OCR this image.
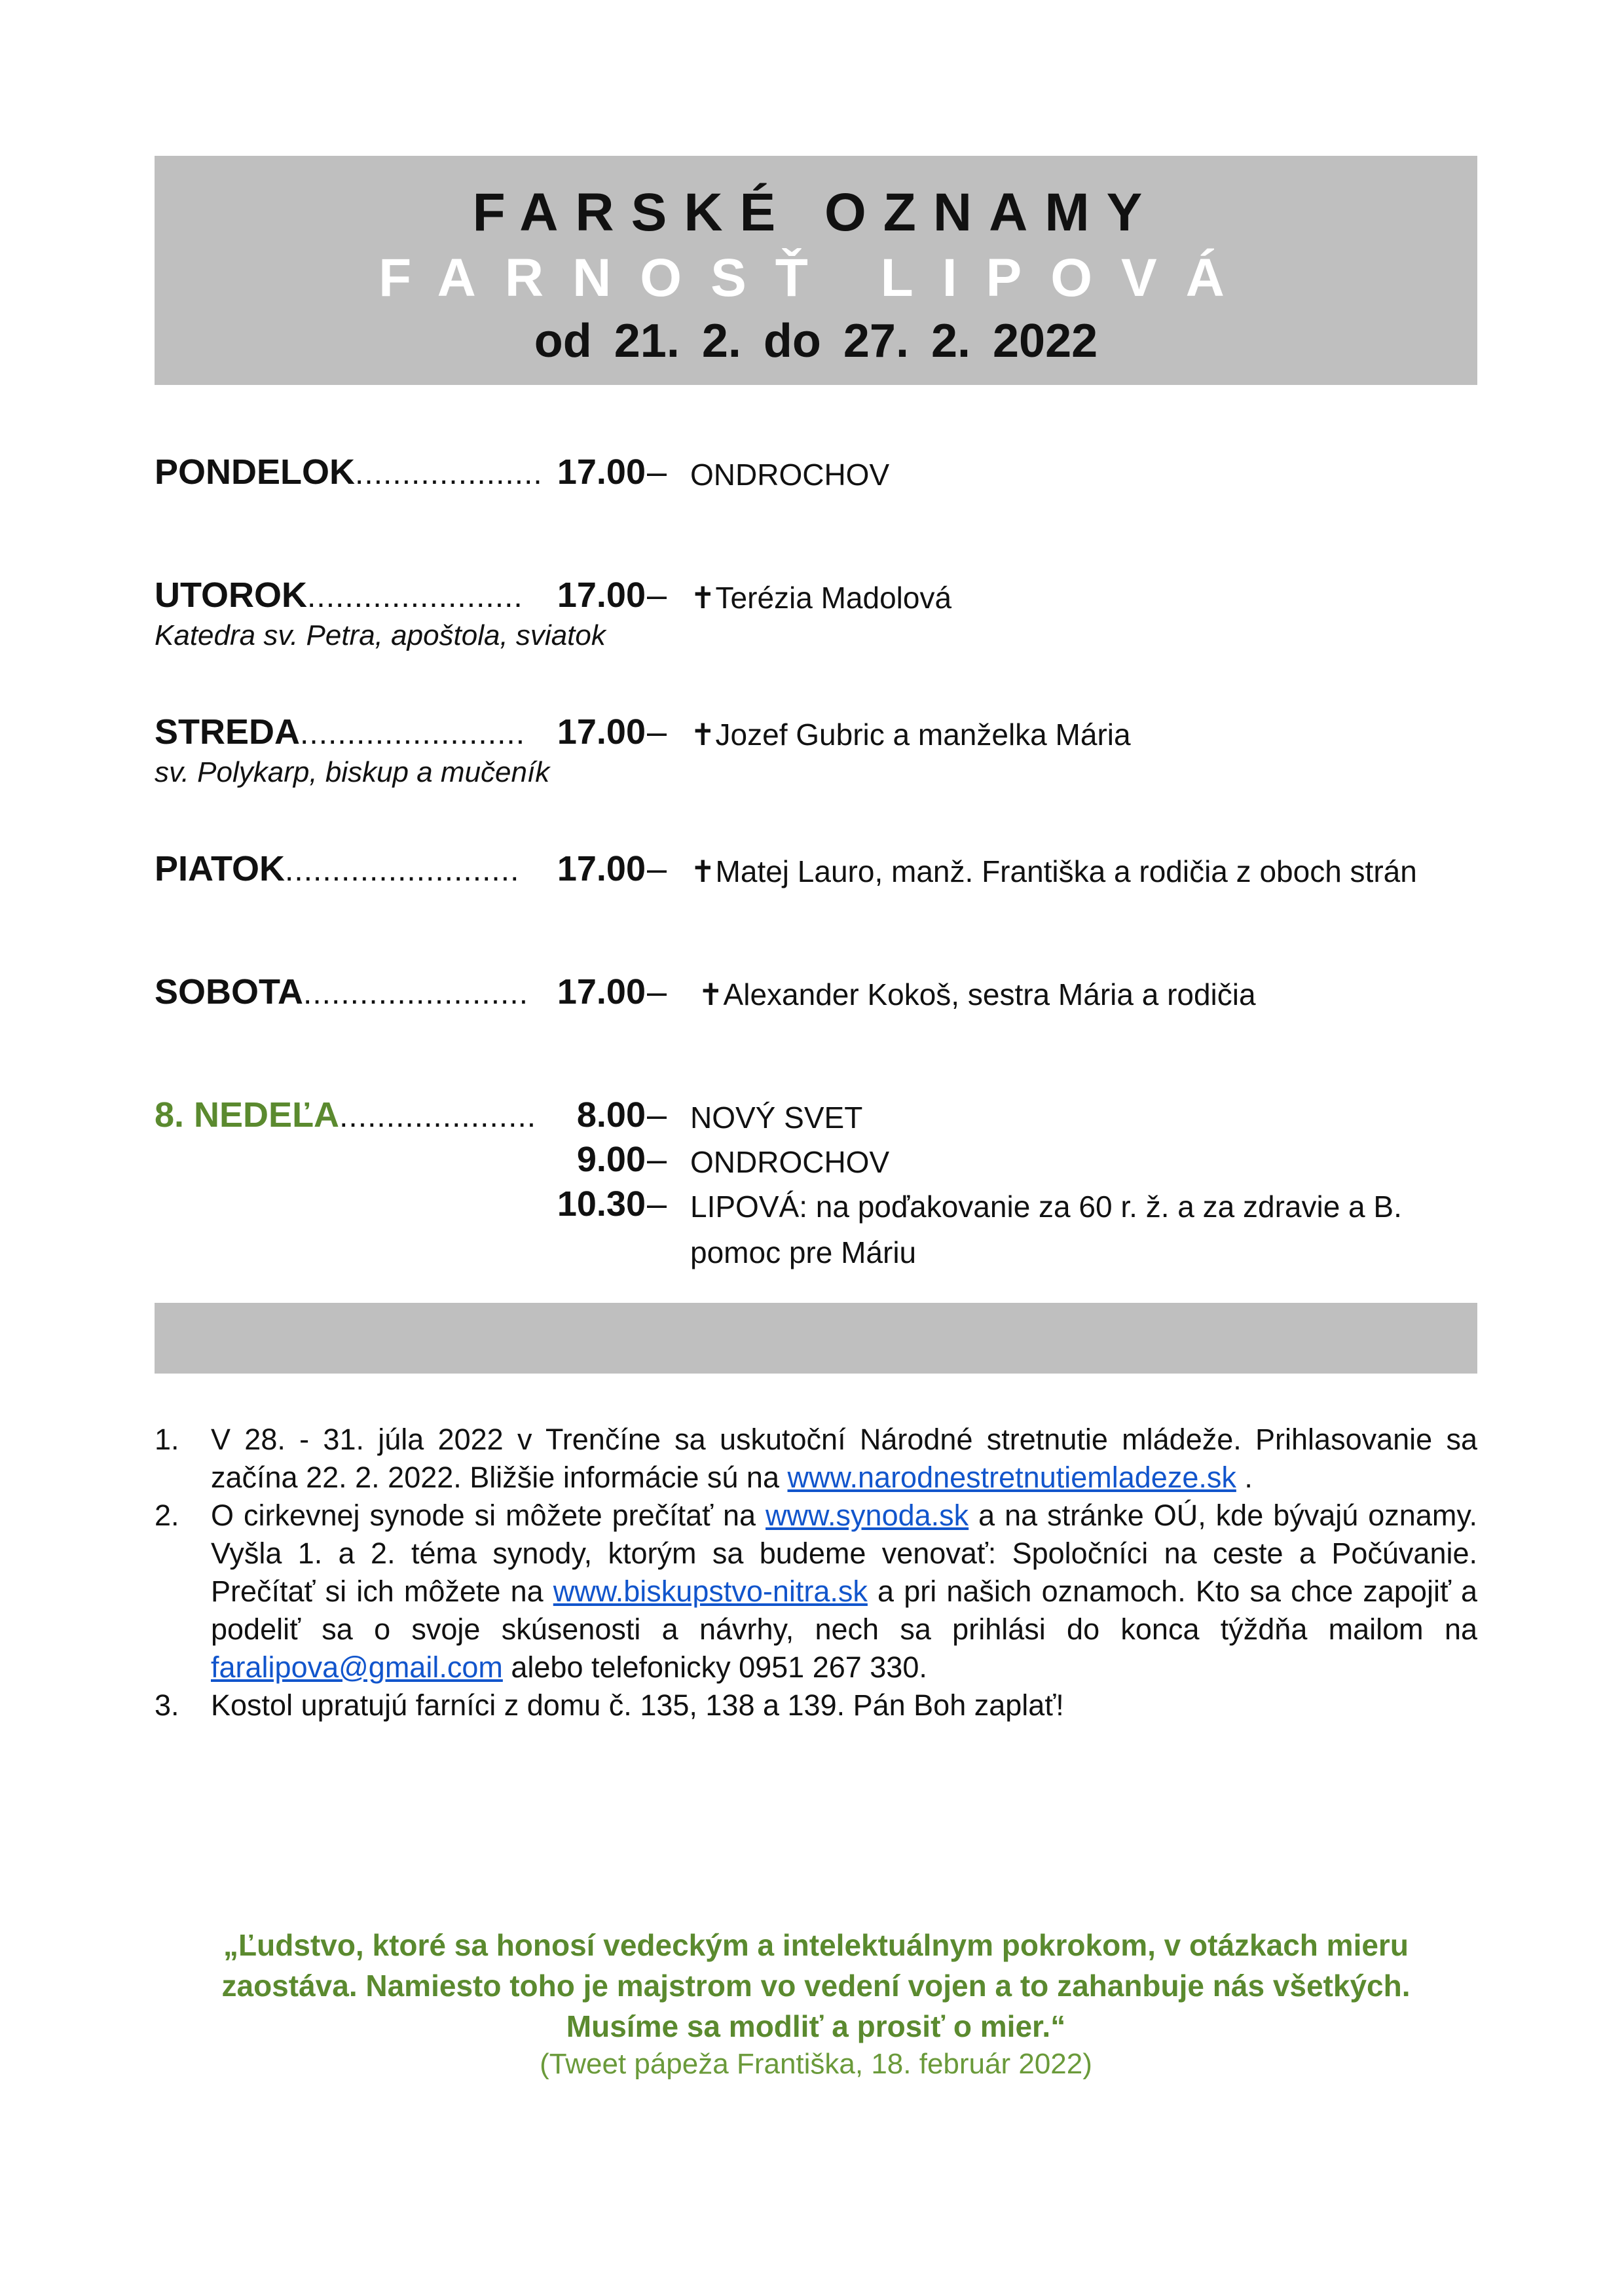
FARSKÉ OZNAMY
FARNOSŤ LIPOVÁ
od 21. 2. do 27. 2. 2022
PONDELOK.................... 17.00 – ONDROCHOV
UTOROK.......................
Katedra sv. Petra, apoštola, sviatok
17.00 – ✝Terézia Madolová
STREDA........................
sv. Polykarp, biskup a mučeník
17.00 – ✝Jozef Gubric a manželka Mária
PIATOK.........................	17.00 – ✝Matej Lauro, manž. Františka a rodičia z oboch strán
SOBOTA........................ 17.00 – ✝Alexander Kokoš, sestra Mária a rodičia
8. NEDEĽA.....................	8.00 – NOVÝ SVET
9.00 – ONDROCHOV
10.30 – LIPOVÁ: na poďakovanie za 60 r. ž. a za zdravie a B.
pomoc pre Máriu
1. V 28. - 31. júla 2022 v Trenčíne sa uskutoční Národné stretnutie mládeže. Prihlasovanie sa začína 22. 2. 2022. Bližšie informácie sú na www.narodnestretnutiemladeze.sk .
2. O cirkevnej synode si môžete prečítať na www.synoda.sk a na stránke OÚ, kde bývajú oznamy. Vyšla 1. a 2. téma synody, ktorým sa budeme venovať: Spoločníci na ceste a Počúvanie. Prečítať si ich môžete na www.biskupstvo-nitra.sk a pri našich oznamoch. Kto sa chce zapojiť a podeliť sa o svoje skúsenosti a návrhy, nech sa prihlási do konca týždňa mailom na faralipova@gmail.com alebo telefonicky 0951 267 330.
3. Kostol upratujú farníci z domu č. 135, 138 a 139. Pán Boh zaplať!
„Ľudstvo, ktoré sa honosí vedeckým a intelektuálnym pokrokom, v otázkach mieru
zaostáva. Namiesto toho je majstrom vo vedení vojen a to zahanbuje nás všetkých.
Musíme sa modliť a prosiť o mier.“
(Tweet pápeža Františka, 18. február 2022)
